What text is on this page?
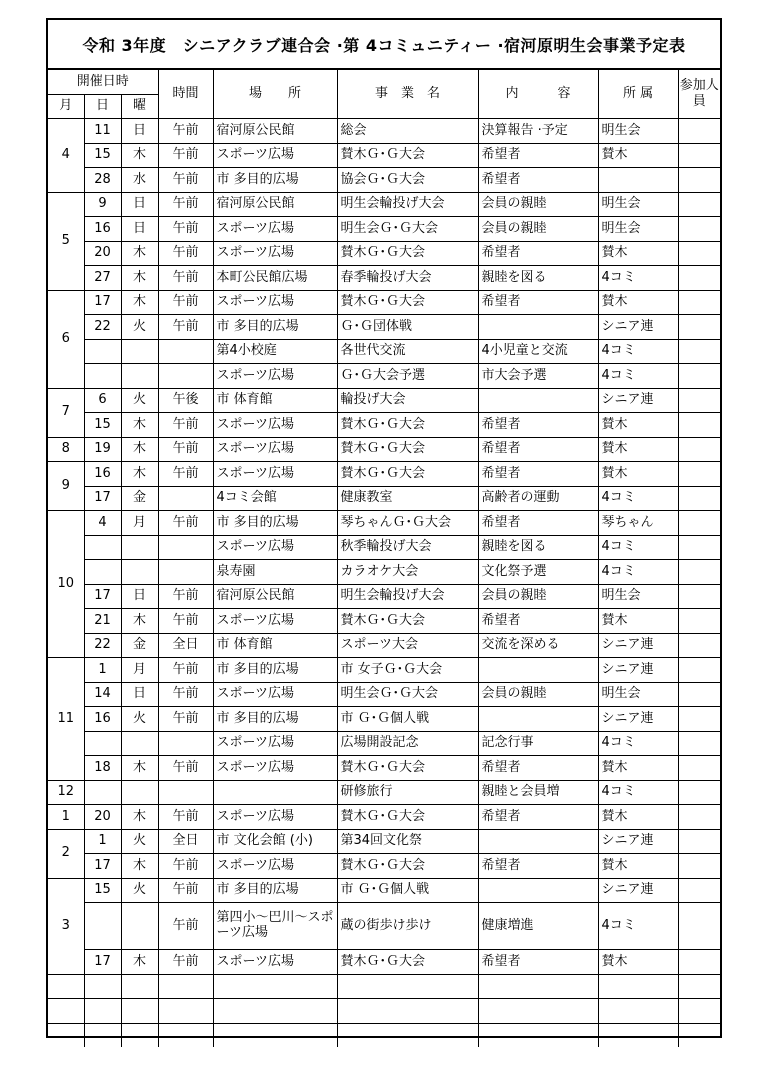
令和 3年度　シニアクラブ連合会 ·第 4コミュニティー ·宿河原明生会事業予定表
開催日時			時間	場　　所	事　業　名	内　　　容	所 属	参加人員
月	日	曜						
4	11	日	午前	宿河原公民館	総会	決算報告 ·予定	明生会	
	15	木	午前	スポーツ広場	賛木Ｇ･Ｇ大会	希望者	賛木	
	28	水	午前	市 多目的広場	協会Ｇ･Ｇ大会	希望者		
5	9	日	午前	宿河原公民館	明生会輪投げ大会	会員の親睦	明生会	
	16	日	午前	スポーツ広場	明生会Ｇ･Ｇ大会	会員の親睦	明生会	
	20	木	午前	スポーツ広場	賛木Ｇ･Ｇ大会	希望者	賛木	
	27	木	午前	本町公民館広場	春季輪投げ大会	親睦を図る	4コミ	
6	17	木	午前	スポーツ広場	賛木Ｇ･Ｇ大会	希望者	賛木	
	22	火	午前	市 多目的広場	Ｇ･Ｇ団体戦		シニア連	
				第4小校庭	各世代交流	4小児童と交流	4コミ	
				スポーツ広場	Ｇ･Ｇ大会予選	市大会予選	4コミ	
7	6	火	午後	市 体育館	輪投げ大会		シニア連	
	15	木	午前	スポーツ広場	賛木Ｇ･Ｇ大会	希望者	賛木	
8	19	木	午前	スポーツ広場	賛木Ｇ･Ｇ大会	希望者	賛木	
9	16	木	午前	スポーツ広場	賛木Ｇ･Ｇ大会	希望者	賛木	
	17	金		4コミ会館	健康教室	高齢者の運動	4コミ	
10	4	月	午前	市 多目的広場	琴ちゃんＧ･Ｇ大会	希望者	琴ちゃん	
				スポーツ広場	秋季輪投げ大会	親睦を図る	4コミ	
				泉寿園	カラオケ大会	文化祭予選	4コミ	
	17	日	午前	宿河原公民館	明生会輪投げ大会	会員の親睦	明生会	
	21	木	午前	スポーツ広場	賛木Ｇ･Ｇ大会	希望者	賛木	
	22	金	全日	市 体育館	スポーツ大会	交流を深める	シニア連	
11	1	月	午前	市 多目的広場	市 女子Ｇ･Ｇ大会		シニア連	
	14	日	午前	スポーツ広場	明生会Ｇ･Ｇ大会	会員の親睦	明生会	
	16	火	午前	市 多目的広場	市 Ｇ･Ｇ個人戦		シニア連	
				スポーツ広場	広場開設記念	記念行事	4コミ	
	18	木	午前	スポーツ広場	賛木Ｇ･Ｇ大会	希望者	賛木	
12					研修旅行	親睦と会員増	4コミ	
1	20	木	午前	スポーツ広場	賛木Ｇ･Ｇ大会	希望者	賛木	
2	1	火	全日	市 文化会館 (小)	第34回文化祭		シニア連	
	17	木	午前	スポーツ広場	賛木Ｇ･Ｇ大会	希望者	賛木	
3	15	火	午前	市 多目的広場	市 Ｇ･Ｇ個人戦		シニア連	
			午前	第四小～巴川～スポーツ広場	蔵の街歩け歩け	健康増進	4コミ	
	17	木	午前	スポーツ広場	賛木Ｇ･Ｇ大会	希望者	賛木	
